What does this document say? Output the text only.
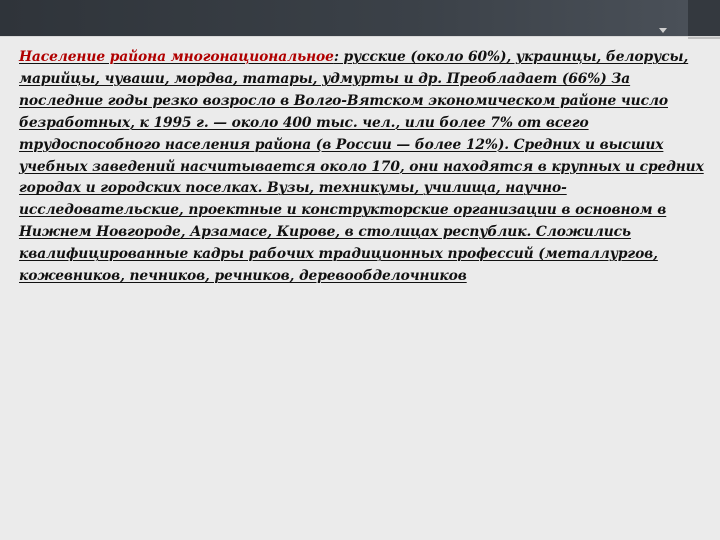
Население района многонациональное: русские (около 60%), украинцы, белорусы, марийцы, чуваши, мордва, татары, удмурты и др. Преобладает (66%) За последние годы резко возросло в Волго-Вятском экономическом районе число безработных, к 1995 г. — около 400 тыс. чел., или более 7% от всего трудоспособного населения района (в России — более 12%). Средних и высших учебных заведений насчитывается около 170, они находятся в крупных и средних городах и городских поселках. Вузы, техникумы, училища, научно-исследовательские, проектные и конструкторские организации в основном в Нижнем Новгороде, Арзамасе, Кирове, в столицах республик. Сложились квалифицированные кадры рабочих традиционных профессий (металлургов, кожевников, печников, речников, деревообделочников
